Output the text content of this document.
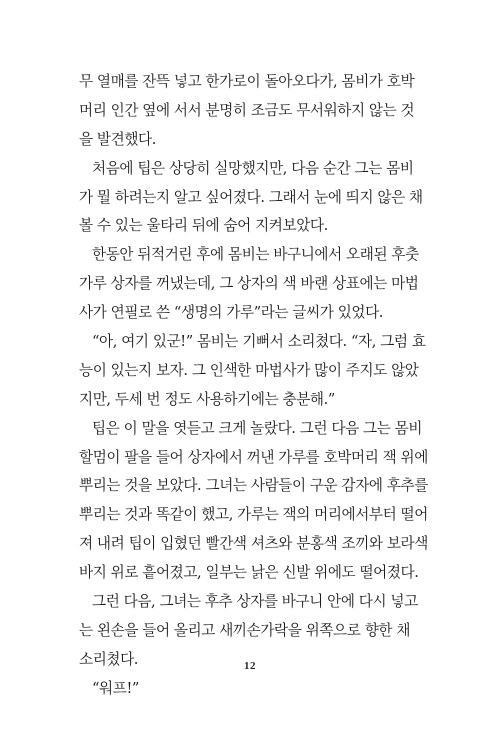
무 열매를 잔뜩 넣고 한가로이 돌아오다가, 몸비가 호박
머리 인간 옆에 서서 분명히 조금도 무서워하지 않는 것
을 발견했다.
처음에 팁은 상당히 실망했지만, 다음 순간 그는 몸비
가 뭘 하려는지 알고 싶어졌다. 그래서 눈에 띄지 않은 채
볼 수 있는 울타리 뒤에 숨어 지켜보았다.
한동안 뒤적거린 후에 몸비는 바구니에서 오래된 후춧
가루 상자를 꺼냈는데, 그 상자의 색 바랜 상표에는 마법
사가 연필로 쓴 “생명의 가루”라는 글씨가 있었다.
“아, 여기 있군!” 몸비는 기뻐서 소리쳤다. “자, 그럼 효
능이 있는지 보자. 그 인색한 마법사가 많이 주지도 않았
지만, 두세 번 정도 사용하기에는 충분해.”
팁은 이 말을 엿듣고 크게 놀랐다. 그런 다음 그는 몸비
할멈이 팔을 들어 상자에서 꺼낸 가루를 호박머리 잭 위에
뿌리는 것을 보았다. 그녀는 사람들이 구운 감자에 후추를
뿌리는 것과 똑같이 했고, 가루는 잭의 머리에서부터 떨어
져 내려 팁이 입혔던 빨간색 셔츠와 분홍색 조끼와 보라색
바지 위로 흩어졌고, 일부는 낡은 신발 위에도 떨어졌다.
그런 다음, 그녀는 후추 상자를 바구니 안에 다시 넣고
는 왼손을 들어 올리고 새끼손가락을 위쪽으로 향한 채
소리쳤다.
“워프!”
12
